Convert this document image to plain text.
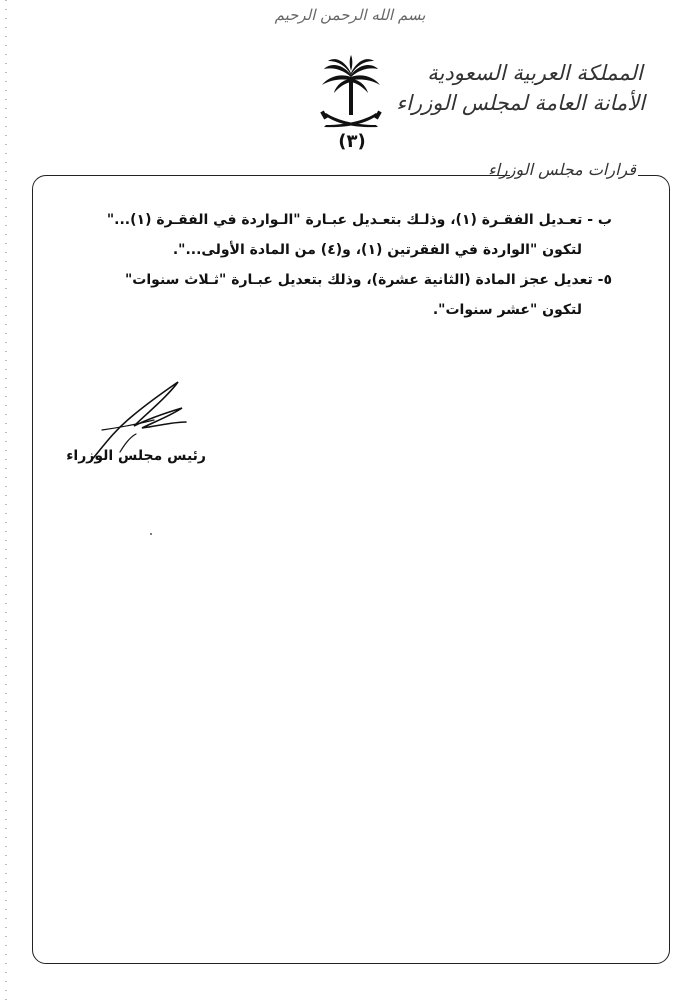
بسم الله الرحمن الرحيم
(٣)
المملكة العربية السعودية
الأمانة العامة لمجلس الوزراء
قرارات مجلس الوزراء

ب - تعـديل الفقـرة (١)، وذلـك بتعـديل عبـارة "الـواردة في الفقـرة (١)..."

لتكون "الواردة في الفقرتين (١)، و(٤) من المادة الأولى...".

٥- تعديل عجز المادة (الثانية عشرة)، وذلك بتعديل عبـارة "ثـلاث سنوات"

لتكون "عشر سنوات".

رئيس مجلس الوزراء
